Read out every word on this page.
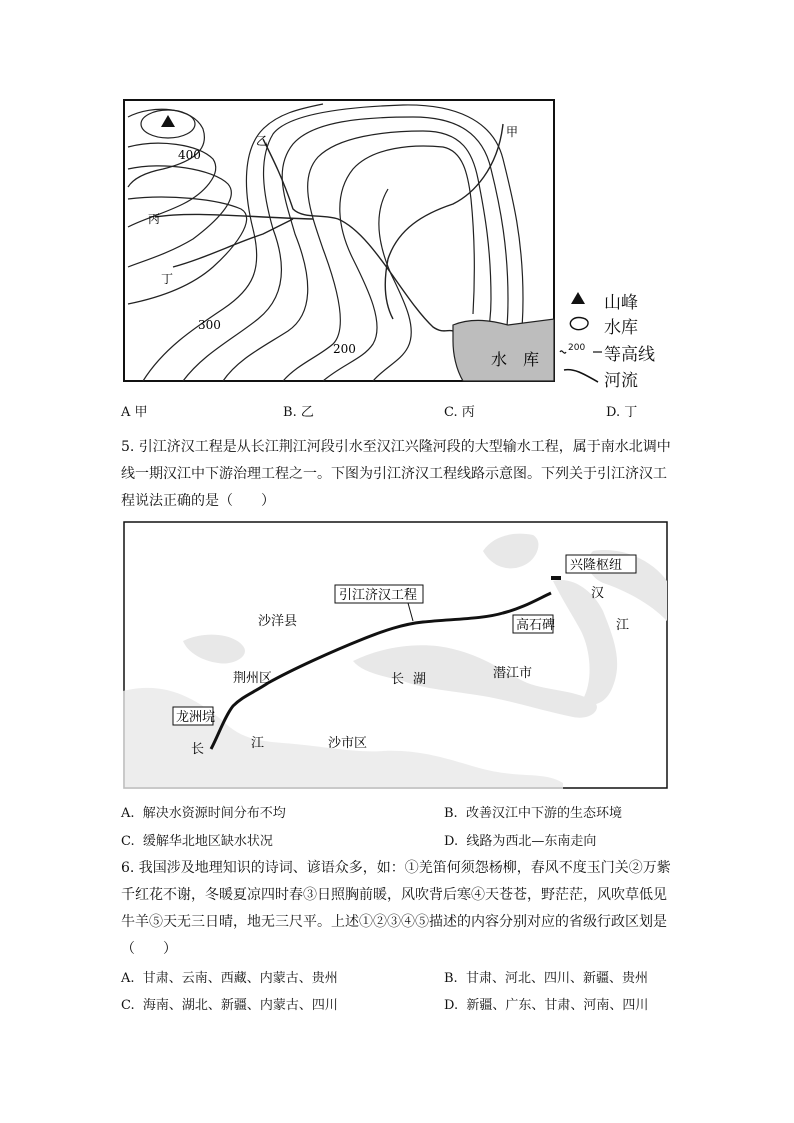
400
300
200
甲
乙
丙
丁
水　库
200
山峰
水库
等高线
河流
A 甲	B. 乙	C. 丙	D. 丁
5. 引江济汉工程是从长江荆江河段引水至汉江兴隆河段的大型输水工程，属于南水北调中
线一期汉江中下游治理工程之一。下图为引江济汉工程线路示意图。下列关于引江济汉工
程说法正确的是（　　）
兴隆枢纽
引江济汉工程
高石碑
龙洲垸
汉
江
沙洋县
荆州区	长 湖	潜江市
长	江	沙市区
A. 解决水资源时间分布不均	B. 改善汉江中下游的生态环境
C. 缓解华北地区缺水状况	D. 线路为西北—东南走向
6. 我国涉及地理知识的诗词、谚语众多，如：①羌笛何须怨杨柳，春风不度玉门关②万紫
千红花不谢，冬暖夏凉四时春③日照胸前暖，风吹背后寒④天苍苍，野茫茫，风吹草低见
牛羊⑤天无三日晴，地无三尺平。上述①②③④⑤描述的内容分别对应的省级行政区划是
（　　）
A. 甘肃、云南、西藏、内蒙古、贵州	B. 甘肃、河北、四川、新疆、贵州
C. 海南、湖北、新疆、内蒙古、四川	D. 新疆、广东、甘肃、河南、四川
